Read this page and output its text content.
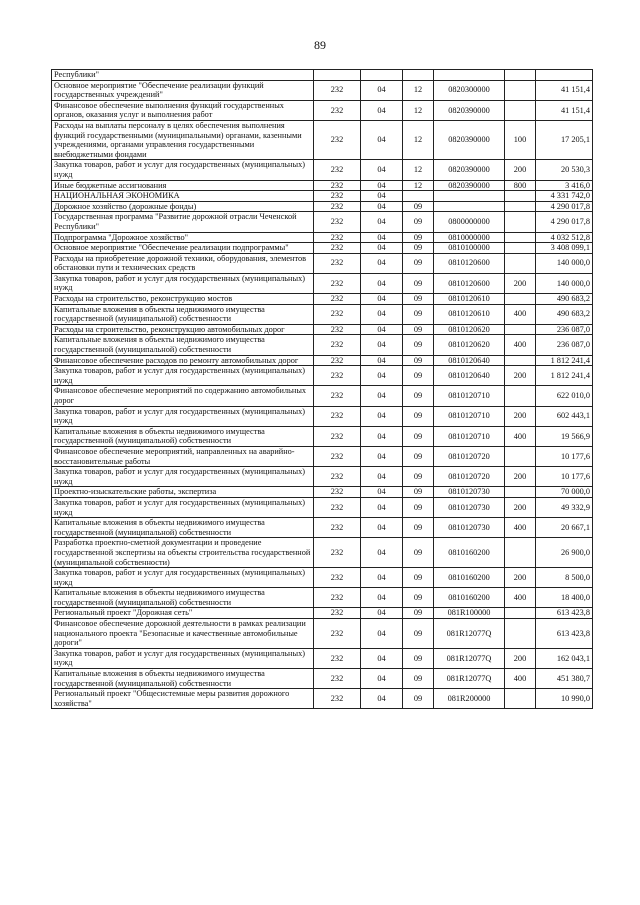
89
Республики"						
Основное мероприятие "Обеспечение реализации функций государственных учреждений"	232	04	12	0820300000		41 151,4
Финансовое обеспечение выполнения функций государственных органов, оказания услуг и выполнения работ	232	04	12	0820390000		41 151,4
Расходы на выплаты персоналу в целях обеспечения выполнения функций государственными (муниципальными) органами, казенными учреждениями, органами управления государственными внебюджетными фондами	232	04	12	0820390000	100	17 205,1
Закупка товаров, работ и услуг для государственных (муниципальных) нужд	232	04	12	0820390000	200	20 530,3
Иные бюджетные ассигнования	232	04	12	0820390000	800	3 416,0
НАЦИОНАЛЬНАЯ ЭКОНОМИКА	232	04				4 331 742,0
Дорожное хозяйство (дорожные фонды)	232	04	09			4 290 017,8
Государственная программа "Развитие дорожной отрасли Чеченской Республики"	232	04	09	0800000000		4 290 017,8
Подпрограмма "Дорожное хозяйство"	232	04	09	0810000000		4 032 512,8
Основное мероприятие "Обеспечение реализации подпрограммы"	232	04	09	0810100000		3 408 099,1
Расходы на приобретение дорожной техники, оборудования, элементов обстановки пути и технических средств	232	04	09	0810120600		140 000,0
Закупка товаров, работ и услуг для государственных (муниципальных) нужд	232	04	09	0810120600	200	140 000,0
Расходы на строительство, реконструкцию мостов	232	04	09	0810120610		490 683,2
Капитальные вложения в объекты недвижимого имущества государственной (муниципальной) собственности	232	04	09	0810120610	400	490 683,2
Расходы на строительство, реконструкцию автомобильных дорог	232	04	09	0810120620		236 087,0
Капитальные вложения в объекты недвижимого имущества государственной (муниципальной) собственности	232	04	09	0810120620	400	236 087,0
Финансовое обеспечение расходов по ремонту автомобильных дорог	232	04	09	0810120640		1 812 241,4
Закупка товаров, работ и услуг для государственных (муниципальных) нужд	232	04	09	0810120640	200	1 812 241,4
Финансовое обеспечение мероприятий по содержанию автомобильных дорог	232	04	09	0810120710		622 010,0
Закупка товаров, работ и услуг для государственных (муниципальных) нужд	232	04	09	0810120710	200	602 443,1
Капитальные вложения в объекты недвижимого имущества государственной (муниципальной) собственности	232	04	09	0810120710	400	19 566,9
Финансовое обеспечение мероприятий, направленных на аварийно-восстановительные работы	232	04	09	0810120720		10 177,6
Закупка товаров, работ и услуг для государственных (муниципальных) нужд	232	04	09	0810120720	200	10 177,6
Проектно-изыскательские работы, экспертиза	232	04	09	0810120730		70 000,0
Закупка товаров, работ и услуг для государственных (муниципальных) нужд	232	04	09	0810120730	200	49 332,9
Капитальные вложения в объекты недвижимого имущества государственной (муниципальной) собственности	232	04	09	0810120730	400	20 667,1
Разработка проектно-сметной документации и проведение государственной экспертизы на объекты строительства государственной (муниципальной собственности)	232	04	09	0810160200		26 900,0
Закупка товаров, работ и услуг для государственных (муниципальных) нужд	232	04	09	0810160200	200	8 500,0
Капитальные вложения в объекты недвижимого имущества государственной (муниципальной) собственности	232	04	09	0810160200	400	18 400,0
Региональный проект "Дорожная сеть"	232	04	09	081R100000		613 423,8
Финансовое обеспечение дорожной деятельности в рамках реализации национального проекта "Безопасные и качественные автомобильные дороги"	232	04	09	081R12077Q		613 423,8
Закупка товаров, работ и услуг для государственных (муниципальных) нужд	232	04	09	081R12077Q	200	162 043,1
Капитальные вложения в объекты недвижимого имущества государственной (муниципальной) собственности	232	04	09	081R12077Q	400	451 380,7
Региональный проект "Общесистемные меры развития дорожного хозяйства"	232	04	09	081R200000		10 990,0
